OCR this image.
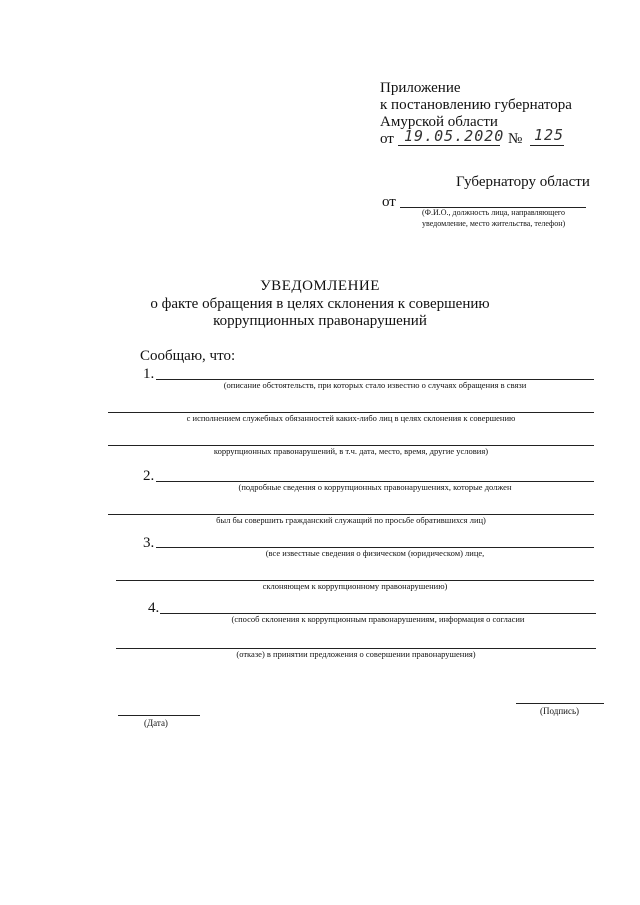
Приложение
к постановлению губернатора
Амурской области
от 19.05.2020 № 125
Губернатору области
от
(Ф.И.О., должность лица, направляющего
уведомление, место жительства, телефон)
УВЕДОМЛЕНИЕ
о факте обращения в целях склонения к совершению
коррупционных правонарушений
Сообщаю, что:
1.
(описание обстоятельств, при которых стало известно о случаях обращения в связи
с исполнением служебных обязанностей каких-либо лиц в целях склонения к совершению
коррупционных правонарушений, в т.ч. дата, место, время, другие условия)
2.
(подробные сведения о коррупционных правонарушениях, которые должен
был бы совершить гражданский служащий по просьбе обратившихся лиц)
3.
(все известные сведения о физическом (юридическом) лице,
склоняющем к коррупционному правонарушению)
4.
(способ склонения к коррупционным правонарушениям, информация о согласии
(отказе) в принятии предложения о совершении правонарушения)
(Дата)
(Подпись)
